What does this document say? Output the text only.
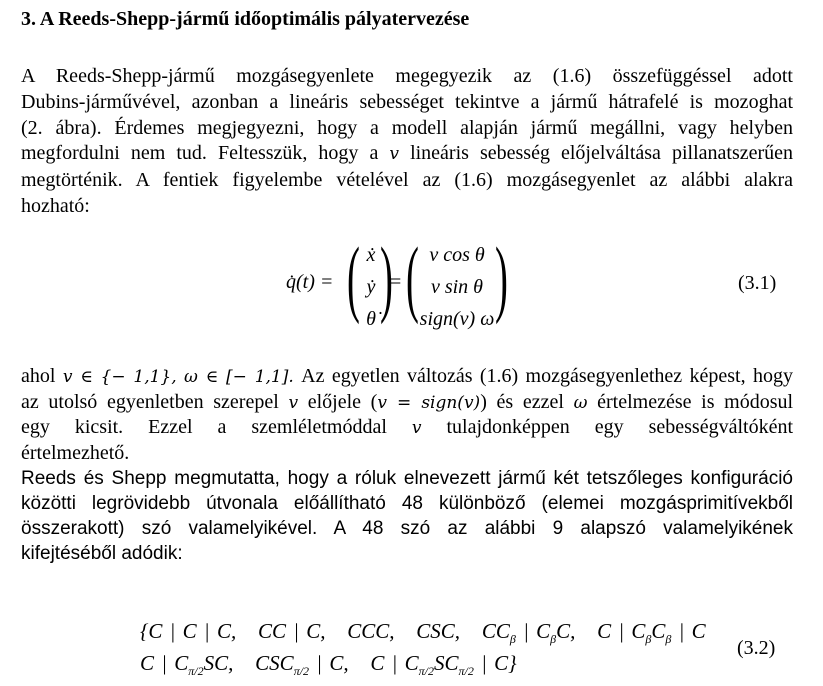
3. A Reeds-Shepp-jármű időoptimális pályatervezése
A Reeds-Shepp-jármű mozgásegyenlete megegyezik az (1.6) összefüggéssel adott
Dubins-járművével, azonban a lineáris sebességet tekintve a jármű hátrafelé is mozoghat
(2. ábra). Érdemes megjegyezni, hogy a modell alapján jármű megállni, vagy helyben
megfordulni nem tud. Feltesszük, hogy a v lineáris sebesség előjelváltása pillanatszerűen
megtörténik. A fentiek figyelembe vételével az (1.6) mozgásegyenlet az alábbi alakra
hozható:
q̇(t) = ( ẋ
ẏ
θ̇ )
= ( v cos θ
v sin θ
sign(v) ω )	(3.1)
ahol v ∈ {− 1,1}, ω ∈ [− 1,1]. Az egyetlen változás (1.6) mozgásegyenlethez képest, hogy
az utolsó egyenletben szerepel v előjele (v = sign(v)) és ezzel ω értelmezése is módosul
egy kicsit. Ezzel a szemléletmóddal v tulajdonképpen egy sebességváltóként
értelmezhető.
Reeds és Shepp megmutatta, hogy a róluk elnevezett jármű két tetszőleges konfiguráció
közötti legrövidebb útvonala előállítható 48 különböző (elemei mozgásprimitívekből
összerakott) szó valamelyikével. A 48 szó az alábbi 9 alapszó valamelyikének
kifejtéséből adódik:
{C | C | C, CC | C, CCC, CSC, $CC_\beta$ | $C_\beta C$, C | $C_\beta C_\beta$ | C
C | $C_{\pi/2}SC$, $CSC_{\pi/2}$ | C, C | $C_{\pi/2}SC_{\pi/2}$ | C}
(3.2)
